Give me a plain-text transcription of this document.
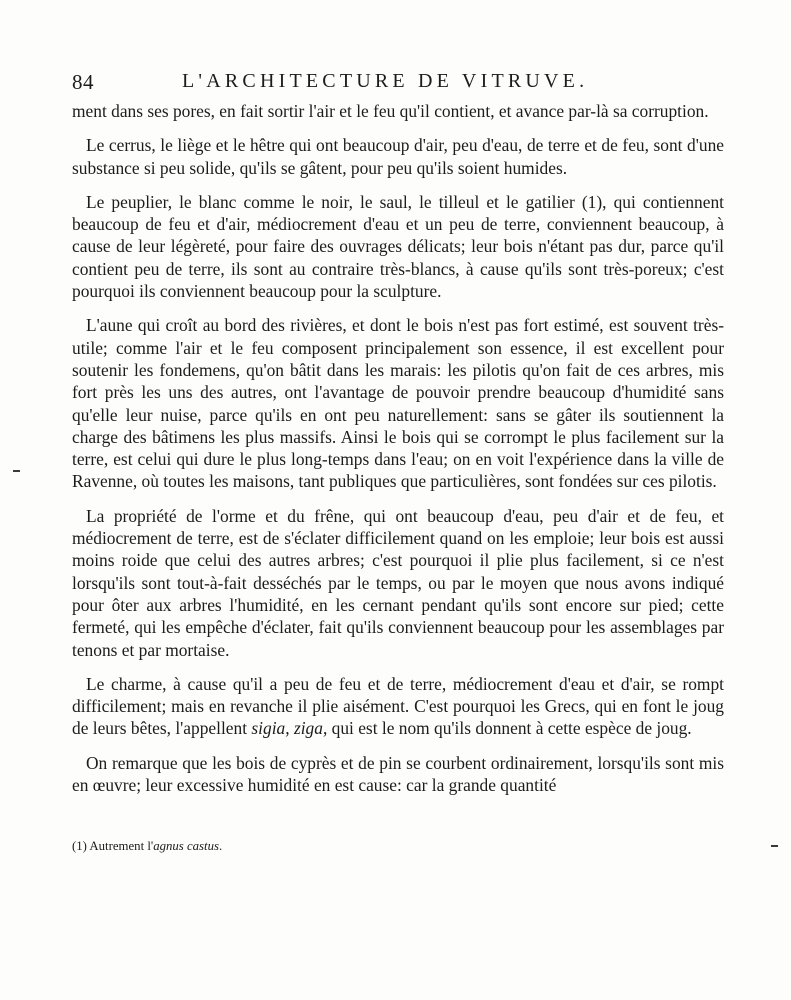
84	L'ARCHITECTURE DE VITRUVE.

ment dans ses pores, en fait sortir l'air et le feu qu'il contient, et avance par-là sa corruption.

Le cerrus, le liège et le hêtre qui ont beaucoup d'air, peu d'eau, de terre et de feu, sont d'une substance si peu solide, qu'ils se gâtent, pour peu qu'ils soient humides.

Le peuplier, le blanc comme le noir, le saul, le tilleul et le gatilier (1), qui contiennent beaucoup de feu et d'air, médiocrement d'eau et un peu de terre, conviennent beaucoup, à cause de leur légèreté, pour faire des ouvrages délicats; leur bois n'étant pas dur, parce qu'il contient peu de terre, ils sont au contraire très-blancs, à cause qu'ils sont très-poreux; c'est pourquoi ils conviennent beaucoup pour la sculpture.

L'aune qui croît au bord des rivières, et dont le bois n'est pas fort estimé, est souvent très-utile; comme l'air et le feu composent principalement son essence, il est excellent pour soutenir les fondemens, qu'on bâtit dans les marais: les pilotis qu'on fait de ces arbres, mis fort près les uns des autres, ont l'avantage de pouvoir prendre beaucoup d'humidité sans qu'elle leur nuise, parce qu'ils en ont peu naturellement: sans se gâter ils soutiennent la charge des bâtimens les plus massifs. Ainsi le bois qui se corrompt le plus facilement sur la terre, est celui qui dure le plus long-temps dans l'eau; on en voit l'expérience dans la ville de Ravenne, où toutes les maisons, tant publiques que particulières, sont fondées sur ces pilotis.

La propriété de l'orme et du frêne, qui ont beaucoup d'eau, peu d'air et de feu, et médiocrement de terre, est de s'éclater difficilement quand on les emploie; leur bois est aussi moins roide que celui des autres arbres; c'est pourquoi il plie plus facilement, si ce n'est lorsqu'ils sont tout-à-fait desséchés par le temps, ou par le moyen que nous avons indiqué pour ôter aux arbres l'humidité, en les cernant pendant qu'ils sont encore sur pied; cette fermeté, qui les empêche d'éclater, fait qu'ils conviennent beaucoup pour les assemblages par tenons et par mortaise.

Le charme, à cause qu'il a peu de feu et de terre, médiocrement d'eau et d'air, se rompt difficilement; mais en revanche il plie aisément. C'est pourquoi les Grecs, qui en font le joug de leurs bêtes, l'appellent sigia, ziga, qui est le nom qu'ils donnent à cette espèce de joug.

On remarque que les bois de cyprès et de pin se courbent ordinairement, lorsqu'ils sont mis en œuvre; leur excessive humidité en est cause: car la grande quantité

(1) Autrement l'agnus castus.
